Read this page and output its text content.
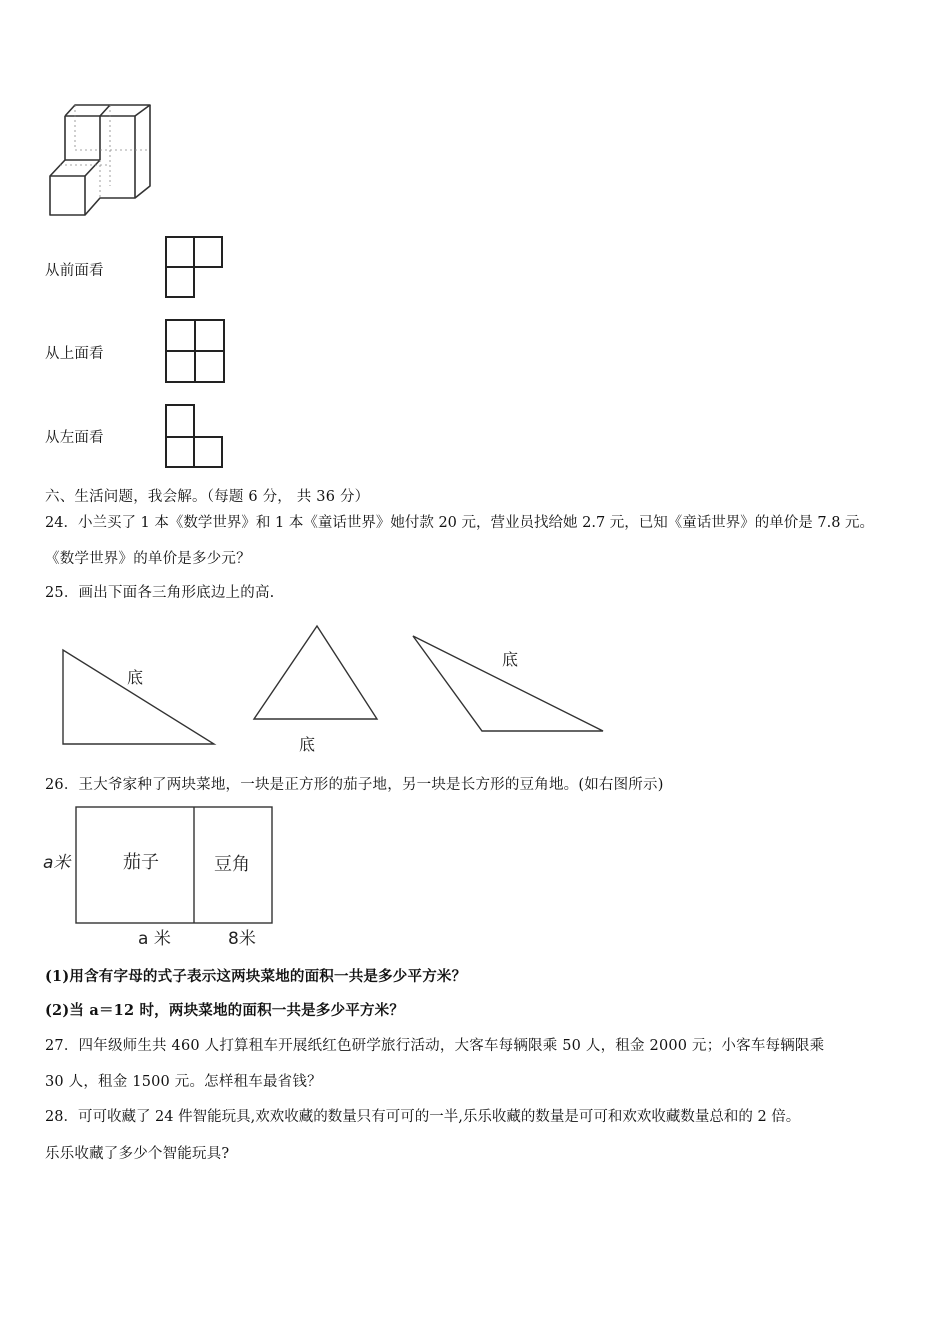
从前面看
从上面看
从左面看
六、生活问题，我会解。（每题 6 分， 共 36 分）
24．小兰买了 1 本《数学世界》和 1 本《童话世界》她付款 20 元，营业员找给她 2.7 元，已知《童话世界》的单价是 7.8 元。
《数学世界》的单价是多少元？
25．画出下面各三角形底边上的高.
底
底
底
26．王大爷家种了两块菜地，一块是正方形的茄子地，另一块是长方形的豆角地。(如右图所示)
a米	茄子	豆角
a 米	8米
(1)用含有字母的式子表示这两块菜地的面积一共是多少平方米？
(2)当 a＝12 时，两块菜地的面积一共是多少平方米？
27．四年级师生共 460 人打算租车开展纸红色研学旅行活动，大客车每辆限乘 50 人，租金 2000 元；小客车每辆限乘
30 人，租金 1500 元。怎样租车最省钱？
28．可可收藏了 24 件智能玩具,欢欢收藏的数量只有可可的一半,乐乐收藏的数量是可可和欢欢收藏数量总和的 2 倍。
乐乐收藏了多少个智能玩具?
